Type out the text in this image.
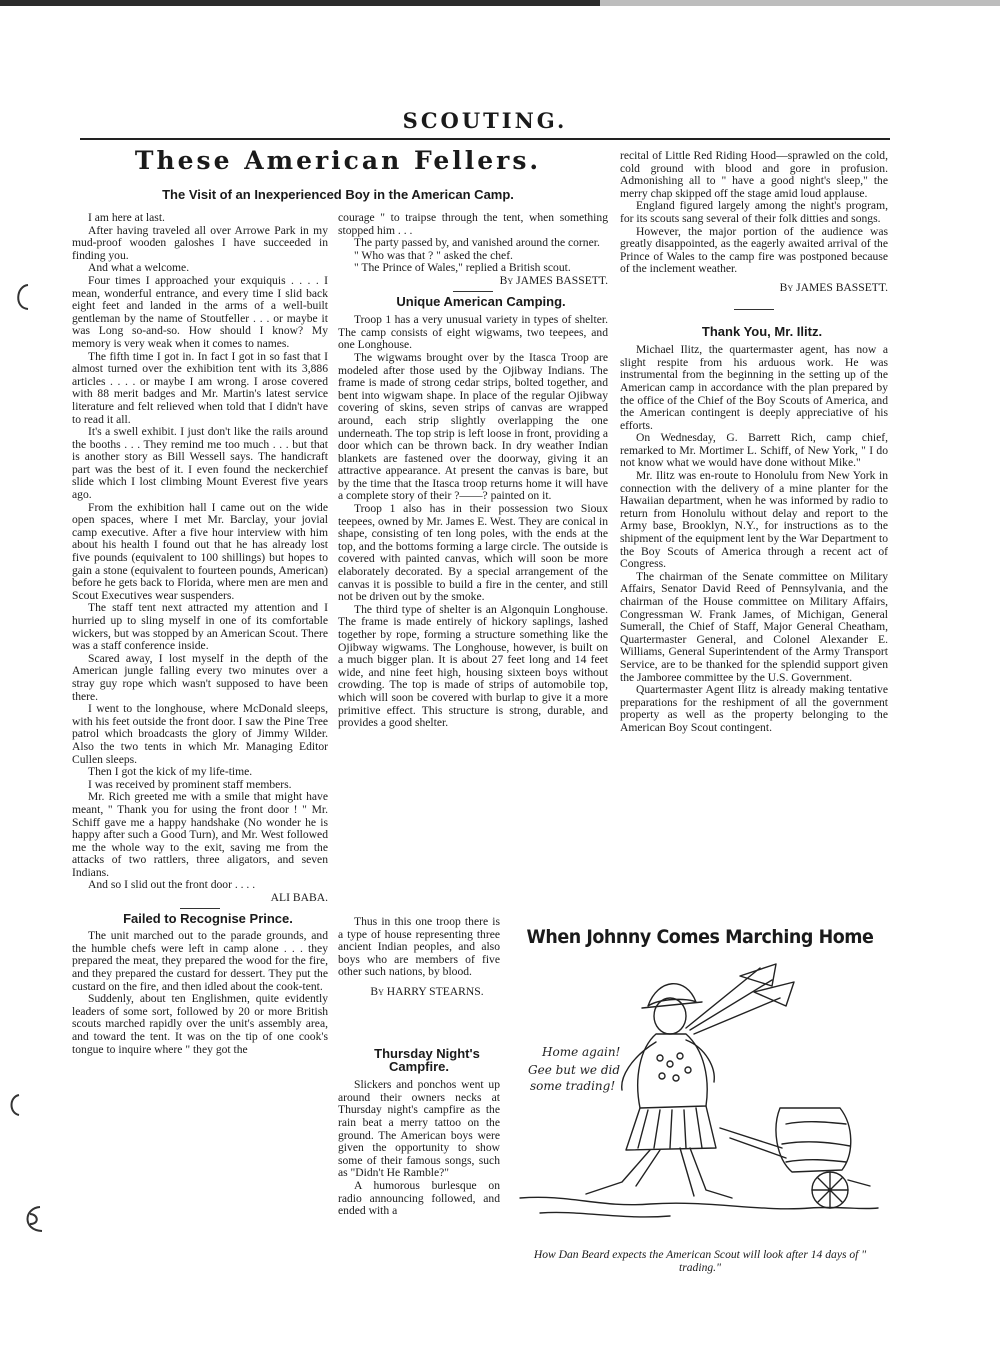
SCOUTING.
These American Fellers.
The Visit of an Inexperienced Boy in the American Camp.

I am here at last.

After having traveled all over Arrowe Park in my mud-proof wooden galoshes I have succeeded in finding you.

And what a welcome.

Four times I approached your exquiquis . . . . I mean, wonderful entrance, and every time I slid back eight feet and landed in the arms of a well-built gentleman by the name of Stoutfeller . . . or maybe it was Long so-and-so. How should I know? My memory is very weak when it comes to names.

The fifth time I got in. In fact I got in so fast that I almost turned over the exhibition tent with its 3,886 articles . . . . or maybe I am wrong. I arose covered with 88 merit badges and Mr. Martin's latest service literature and felt relieved when told that I didn't have to read it all.

It's a swell exhibit. I just don't like the rails around the booths . . . They remind me too much . . . but that is another story as Bill Wessell says. The handicraft part was the best of it. I even found the neckerchief slide which I lost climbing Mount Everest five years ago.

From the exhibition hall I came out on the wide open spaces, where I met Mr. Barclay, your jovial camp executive. After a five hour interview with him about his health I found out that he has already lost five pounds (equivalent to 100 shillings) but hopes to gain a stone (equivalent to fourteen pounds, American) before he gets back to Florida, where men are men and Scout Executives wear suspenders.

The staff tent next attracted my attention and I hurried up to sling myself in one of its comfortable wickers, but was stopped by an American Scout. There was a staff conference inside.

Scared away, I lost myself in the depth of the American jungle falling every two minutes over a stray guy rope which wasn't supposed to have been there.

I went to the longhouse, where McDonald sleeps, with his feet outside the front door. I saw the Pine Tree patrol which broadcasts the glory of Jimmy Wilder. Also the two tents in which Mr. Managing Editor Cullen sleeps.

Then I got the kick of my life-time.

I was received by prominent staff members.

Mr. Rich greeted me with a smile that might have meant, " Thank you for using the front door ! " Mr. Schiff gave me a happy handshake (No wonder he is happy after such a Good Turn), and Mr. West followed me the whole way to the exit, saving me from the attacks of two rattlers, three aligators, and seven Indians.

And so I slid out the front door . . . .

ALI BABA.

Failed to Recognise Prince.

The unit marched out to the parade grounds, and the humble chefs were left in camp alone . . . they prepared the meat, they prepared the wood for the fire, and they prepared the custard for dessert. They put the custard on the fire, and then idled about the cook-tent.

Suddenly, about ten Englishmen, quite evidently leaders of some sort, followed by 20 or more British scouts marched rapidly over the unit's assembly area, and toward the tent. It was on the tip of one cook's tongue to inquire where " they got the

courage " to traipse through the tent, when something stopped him . . .

The party passed by, and vanished around the corner.

" Who was that ? " asked the chef.

" The Prince of Wales," replied a British scout.

By JAMES BASSETT.

Unique American Camping.

Troop 1 has a very unusual variety in types of shelter. The camp consists of eight wigwams, two teepees, and one Longhouse.

The wigwams brought over by the Itasca Troop are modeled after those used by the Ojibway Indians. The frame is made of strong cedar strips, bolted together, and bent into wigwam shape. In place of the regular Ojibway covering of skins, seven strips of canvas are wrapped around, each strip slightly overlapping the one underneath. The top strip is left loose in front, providing a door which can be thrown back. In dry weather Indian blankets are fastened over the doorway, giving it an attractive appearance. At present the canvas is bare, but by the time that the Itasca troop returns home it will have a complete story of their ?——? painted on it.

Troop 1 also has in their possession two Sioux teepees, owned by Mr. James E. West. They are conical in shape, consisting of ten long poles, with the ends at the top, and the bottoms forming a large circle. The outside is covered with painted canvas, which will soon be more elaborately decorated. By a special arrangement of the canvas it is possible to build a fire in the center, and still not be driven out by the smoke.

The third type of shelter is an Algonquin Longhouse. The frame is made entirely of hickory saplings, lashed together by rope, forming a structure something like the Ojibway wigwams. The Longhouse, however, is built on a much bigger plan. It is about 27 feet long and 14 feet wide, and nine feet high, housing sixteen boys without crowding. The top is made of strips of automobile top, which will soon be covered with burlap to give it a more primitive effect. This structure is strong, durable, and provides a good shelter.

Thus in this one troop there is a type of house representing three ancient Indian peoples, and also boys who are members of five other such nations, by blood.

By HARRY STEARNS.

Thursday Night's Campfire.

Slickers and ponchos went up around their owners necks at Thursday night's campfire as the rain beat a merry tattoo on the ground. The American boys were given the opportunity to show some of their famous songs, such as "Didn't He Ramble?"

A humorous burlesque on radio announcing followed, and ended with a

recital of Little Red Riding Hood—sprawled on the cold, cold ground with blood and gore in profusion. Admonishing all to " have a good night's sleep," the merry chap skipped off the stage amid loud applause.

England figured largely among the night's program, for its scouts sang several of their folk ditties and songs.

However, the major portion of the audience was greatly disappointed, as the eagerly awaited arrival of the Prince of Wales to the camp fire was postponed because of the inclement weather.

By JAMES BASSETT.

Thank You, Mr. Ilitz.

Michael Ilitz, the quartermaster agent, has now a slight respite from his arduous work. He was instrumental from the beginning in the setting up of the American camp in accordance with the plan prepared by the office of the Chief of the Boy Scouts of America, and the American contingent is deeply appreciative of his efforts.

On Wednesday, G. Barrett Rich, camp chief, remarked to Mr. Mortimer L. Schiff, of New York, " I do not know what we would have done without Mike."

Mr. Ilitz was en-route to Honolulu from New York in connection with the delivery of a mine planter for the Hawaiian department, when he was informed by radio to return from Honolulu without delay and report to the Army base, Brooklyn, N.Y., for instructions as to the shipment of the equipment lent by the War Department to the Boy Scouts of America through a recent act of Congress.

The chairman of the Senate committee on Military Affairs, Senator David Reed of Pennsylvania, and the chairman of the House committee on Military Affairs, Congressman W. Frank James, of Michigan, General Sumerall, the Chief of Staff, Major General Cheatham, Quartermaster General, and Colonel Alexander E. Williams, General Superintendent of the Army Transport Service, are to be thanked for the splendid support given the Jamboree committee by the U.S. Government.

Quartermaster Agent Ilitz is already making tentative preparations for the reshipment of all the government property as well as the property belonging to the American Boy Scout contingent.

When Johnny Comes Marching Home
Home again!
Gee but we did
some trading!
How Dan Beard expects the American Scout will look after 14 days of " trading."
